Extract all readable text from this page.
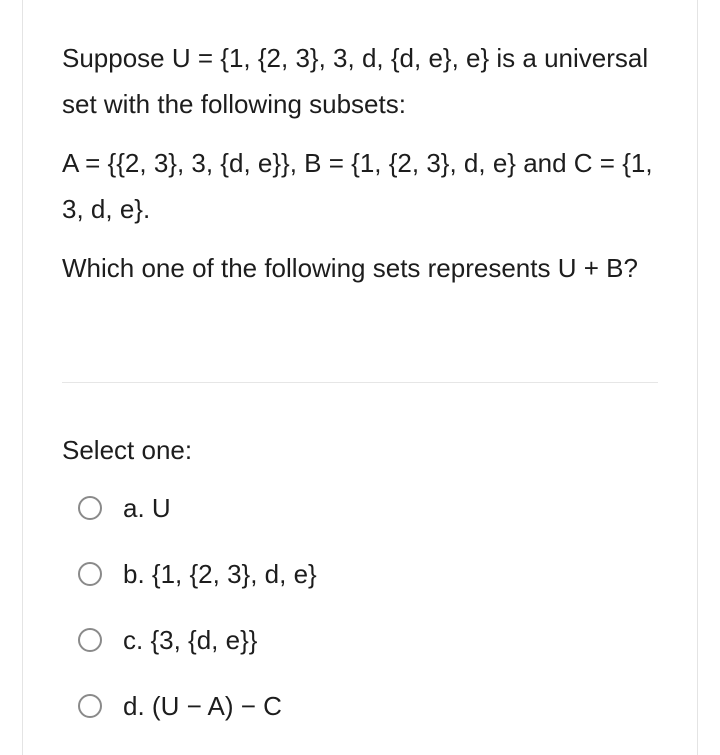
Suppose U = {1, {2, 3}, 3, d, {d, e}, e} is a universal set with the following subsets:

A = {{2, 3}, 3, {d, e}}, B = {1, {2, 3}, d, e} and C = {1, 3, d, e}.

Which one of the following sets represents U + B?

Select one:
a. U
b. {1, {2, 3}, d, e}
c. {3, {d, e}}
d. (U − A) − C
